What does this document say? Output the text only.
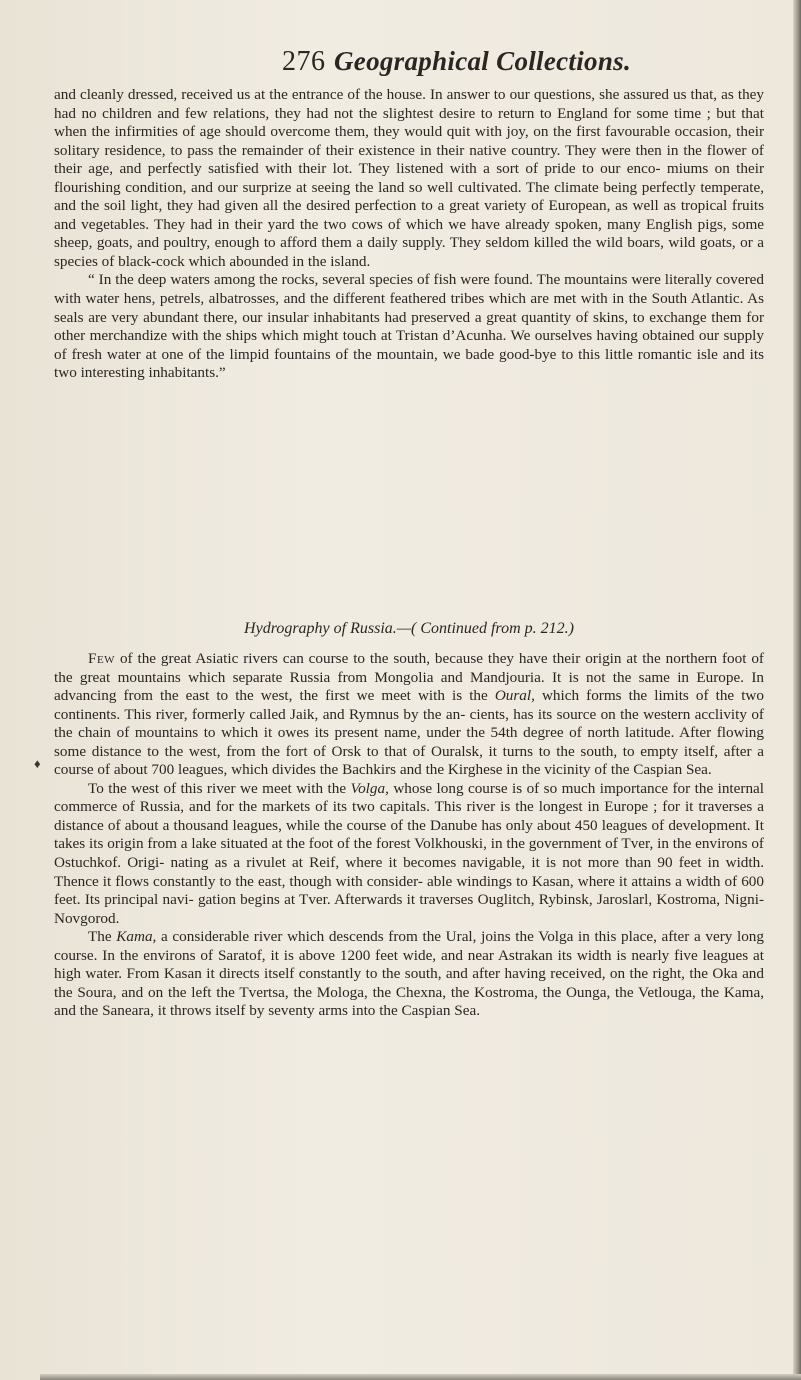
276 Geographical Collections.

and cleanly dressed, received us at the entrance of the house. In answer to our questions, she assured us that, as they had no children and few relations, they had not the slightest desire to return to England for some time ; but that when the infirmities of age should overcome them, they would quit with joy, on the first favourable occasion, their solitary residence, to pass the remainder of their existence in their native country. They were then in the flower of their age, and perfectly satisfied with their lot. They listened with a sort of pride to our enco- miums on their flourishing condition, and our surprize at seeing the land so well cultivated. The climate being perfectly temperate, and the soil light, they had given all the desired perfection to a great variety of European, as well as tropical fruits and vegetables. They had in their yard the two cows of which we have already spoken, many English pigs, some sheep, goats, and poultry, enough to afford them a daily supply. They seldom killed the wild boars, wild goats, or a species of black-cock which abounded in the island.

“ In the deep waters among the rocks, several species of fish were found. The mountains were literally covered with water hens, petrels, albatrosses, and the different feathered tribes which are met with in the South Atlantic. As seals are very abundant there, our insular inhabitants had preserved a great quantity of skins, to exchange them for other merchandize with the ships which might touch at Tristan d’Acunha. We ourselves having obtained our supply of fresh water at one of the limpid fountains of the mountain, we bade good-bye to this little romantic isle and its two interesting inhabitants.”

Hydrography of Russia.—( Continued from p. 212.)

Few of the great Asiatic rivers can course to the south, because they have their origin at the northern foot of the great mountains which separate Russia from Mongolia and Mandjouria. It is not the same in Europe. In advancing from the east to the west, the first we meet with is the Oural, which forms the limits of the two continents. This river, formerly called Jaik, and Rymnus by the an- cients, has its source on the western acclivity of the chain of mountains to which it owes its present name, under the 54th degree of north latitude. After flowing some distance to the west, from the fort of Orsk to that of Ouralsk, it turns to the south, to empty itself, after a course of about 700 leagues, which divides the Bachkirs and the Kirghese in the vicinity of the Caspian Sea.

To the west of this river we meet with the Volga, whose long course is of so much importance for the internal commerce of Russia, and for the markets of its two capitals. This river is the longest in Europe ; for it traverses a distance of about a thousand leagues, while the course of the Danube has only about 450 leagues of development. It takes its origin from a lake situated at the foot of the forest Volkhouski, in the government of Tver, in the environs of Ostuchkof. Origi- nating as a rivulet at Reif, where it becomes navigable, it is not more than 90 feet in width. Thence it flows constantly to the east, though with consider- able windings to Kasan, where it attains a width of 600 feet. Its principal navi- gation begins at Tver. Afterwards it traverses Ouglitch, Rybinsk, Jaroslarl, Kostroma, Nigni-Novgorod.

The Kama, a considerable river which descends from the Ural, joins the Volga in this place, after a very long course. In the environs of Saratof, it is above 1200 feet wide, and near Astrakan its width is nearly five leagues at high water. From Kasan it directs itself constantly to the south, and after having received, on the right, the Oka and the Soura, and on the left the Tvertsa, the Mologa, the Chexna, the Kostroma, the Ounga, the Vetlouga, the Kama, and the Saneara, it throws itself by seventy arms into the Caspian Sea.

♦
